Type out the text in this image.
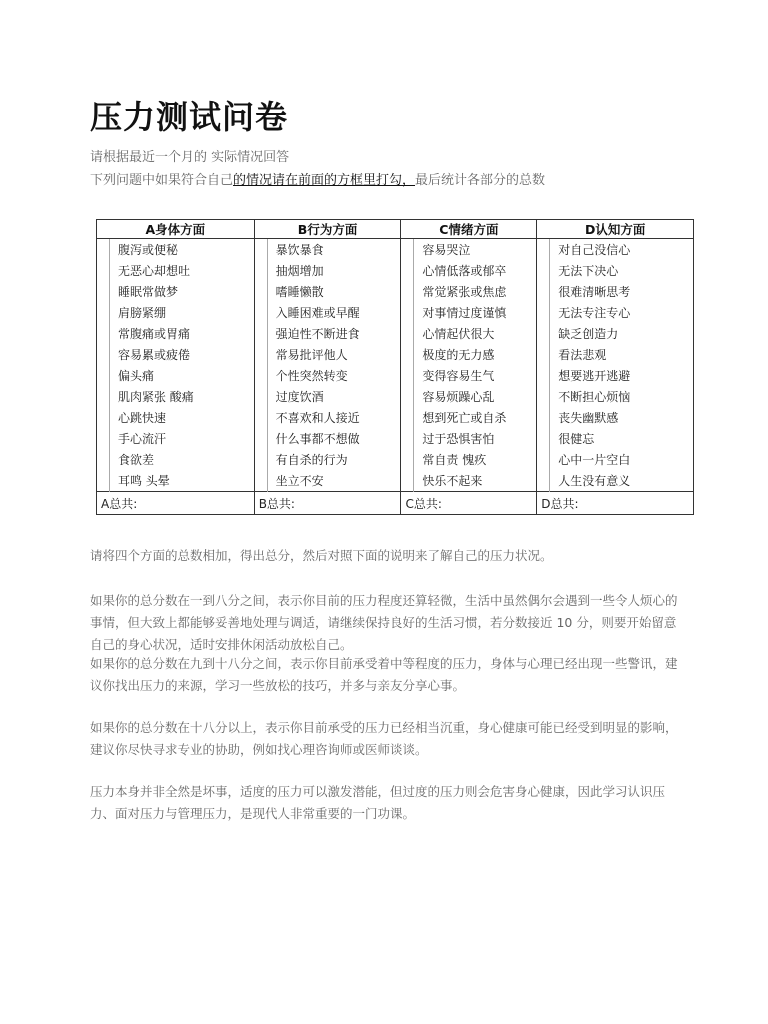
压力测试问卷
请根据最近一个月的 实际情况回答
下列问题中如果符合自己的情况请在前面的方框里打勾，最后统计各部分的总数
A身体方面		B行为方面		C情绪方面		D认知方面	
	腹泻或便秘		暴饮暴食		容易哭泣		对自己没信心
	无恶心却想吐		抽烟增加		心情低落或郁卒		无法下决心
	睡眠常做梦		嗜睡懒散		常觉紧张或焦虑		很难清晰思考
	肩膀紧绷		入睡困难或早醒		对事情过度谨慎		无法专注专心
	常腹痛或胃痛		强迫性不断进食		心情起伏很大		缺乏创造力
	容易累或疲倦		常易批评他人		极度的无力感		看法悲观
	偏头痛		个性突然转变		变得容易生气		想要逃开逃避
	肌肉紧张 酸痛		过度饮酒		容易烦躁心乱		不断担心烦恼
	心跳快速		不喜欢和人接近		想到死亡或自杀		丧失幽默感
	手心流汗		什么事都不想做		过于恐惧害怕		很健忘
	食欲差		有自杀的行为		常自责 愧疚		心中一片空白
	耳鸣 头晕		坐立不安		快乐不起来		人生没有意义
A总共:		B总共:		C总共:		D总共:	
请将四个方面的总数相加，得出总分，然后对照下面的说明来了解自己的压力状况。
如果你的总分数在一到八分之间，表示你目前的压力程度还算轻微，生活中虽然偶尔会遇到一些令人烦心的事情，但大致上都能够妥善地处理与调适，请继续保持良好的生活习惯，若分数接近 10 分，则要开始留意自己的身心状况，适时安排休闲活动放松自己。
如果你的总分数在九到十八分之间，表示你目前承受着中等程度的压力，身体与心理已经出现一些警讯，建议你找出压力的来源，学习一些放松的技巧，并多与亲友分享心事。
如果你的总分数在十八分以上，表示你目前承受的压力已经相当沉重，身心健康可能已经受到明显的影响，建议你尽快寻求专业的协助，例如找心理咨询师或医师谈谈。
压力本身并非全然是坏事，适度的压力可以激发潜能，但过度的压力则会危害身心健康，因此学习认识压力、面对压力与管理压力，是现代人非常重要的一门功课。
